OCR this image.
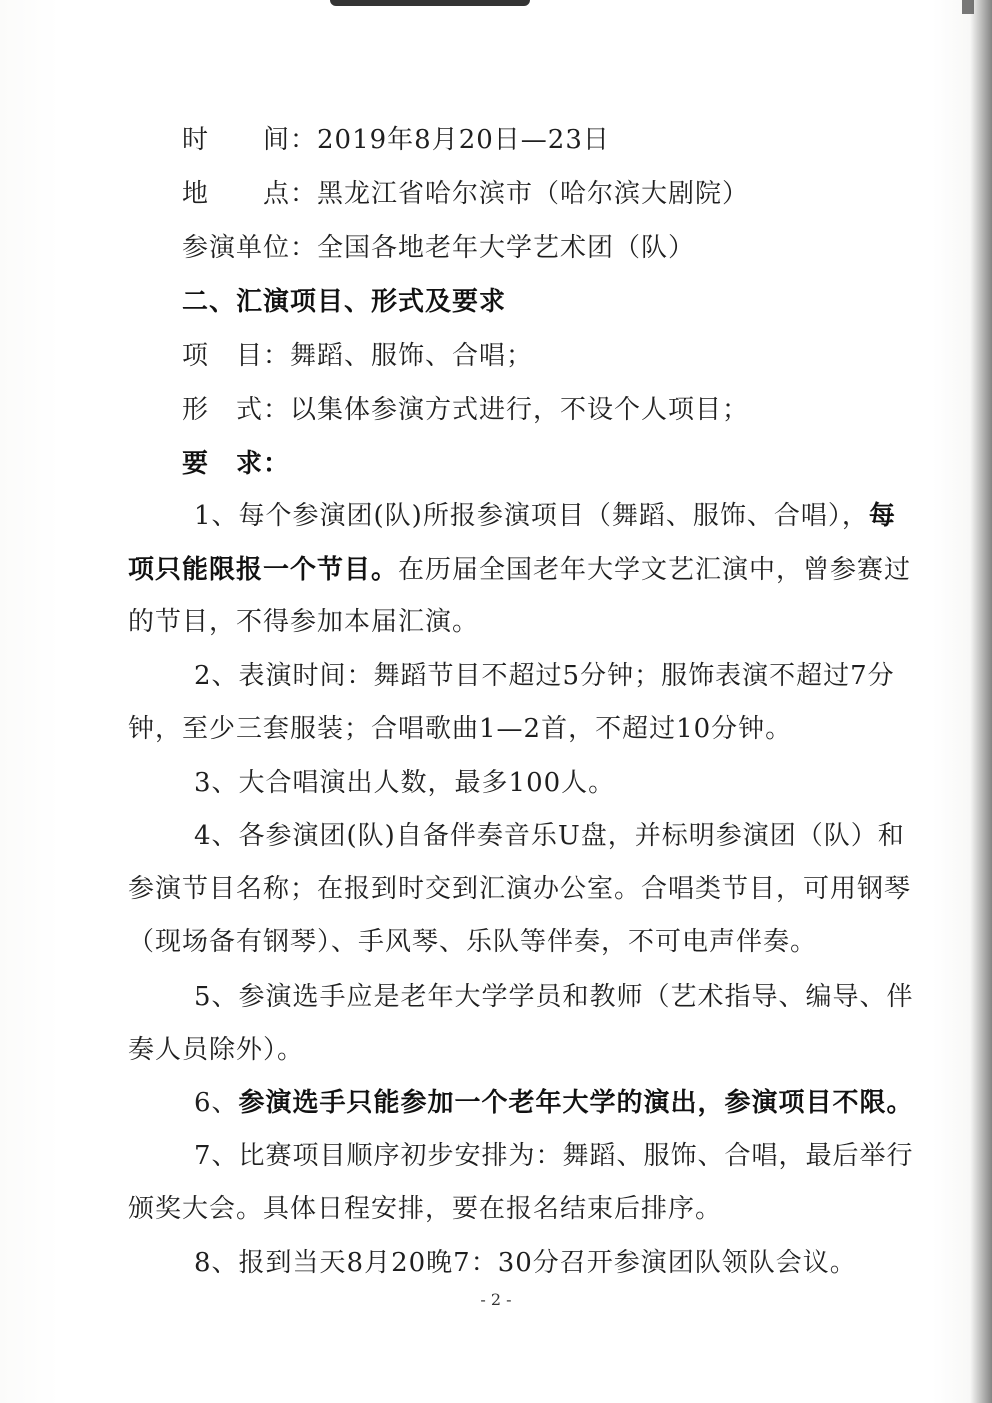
时　　间：2019年8月20日—23日
地　　点：黑龙江省哈尔滨市（哈尔滨大剧院）
参演单位：全国各地老年大学艺术团（队）
二、汇演项目、形式及要求
项　目：舞蹈、服饰、合唱；
形　式：以集体参演方式进行，不设个人项目；
要　求：
1、每个参演团(队)所报参演项目（舞蹈、服饰、合唱），每
项只能限报一个节目。在历届全国老年大学文艺汇演中，曾参赛过
的节目，不得参加本届汇演。
2、表演时间：舞蹈节目不超过5分钟；服饰表演不超过7分
钟，至少三套服装；合唱歌曲1—2首，不超过10分钟。
3、大合唱演出人数，最多100人。
4、各参演团(队)自备伴奏音乐U盘，并标明参演团（队）和
参演节目名称；在报到时交到汇演办公室。合唱类节目，可用钢琴
（现场备有钢琴）、手风琴、乐队等伴奏，不可电声伴奏。
5、参演选手应是老年大学学员和教师（艺术指导、编导、伴
奏人员除外）。
6、参演选手只能参加一个老年大学的演出，参演项目不限。
7、比赛项目顺序初步安排为：舞蹈、服饰、合唱，最后举行
颁奖大会。具体日程安排，要在报名结束后排序。
8、报到当天8月20晚7：30分召开参演团队领队会议。
- 2 -
